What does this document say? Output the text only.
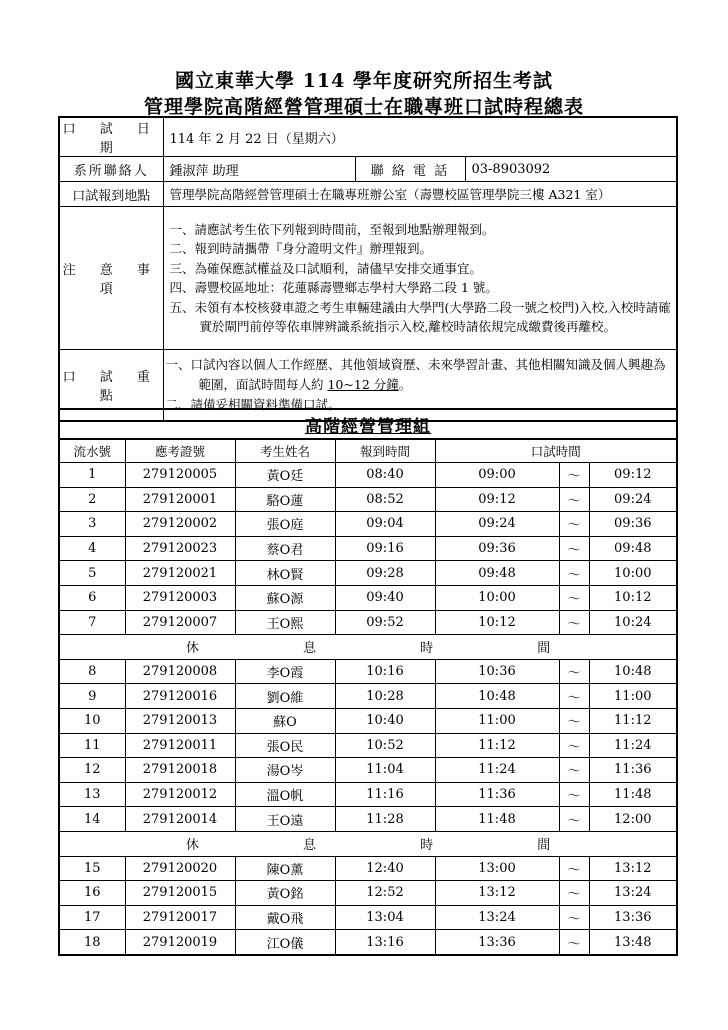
國立東華大學 114 學年度研究所招生考試
管理學院高階經營管理碩士在職專班口試時程總表
口 試 日 期	114 年 2 月 22 日（星期六）		
系所聯絡人	鍾淑萍 助理	聯 絡 電 話	03-8903092
口試報到地點	管理學院高階經營管理碩士在職專班辦公室（壽豐校區管理學院三樓 A321 室）		
注 意 事 項	一、請應試考生依下列報到時間前，至報到地點辦理報到。
二、報到時請攜帶『身分證明文件』辦理報到。
三、為確保應試權益及口試順利，請儘早安排交通事宜。
四、壽豐校區地址：花蓮縣壽豐鄉志學村大學路二段 1 號。
五、未領有本校核發車證之考生車輛建議由大學門(大學路二段一號之校門)入校,入校時請確實於閘門前停等依車牌辨識系統指示入校,離校時請依規完成繳費後再離校。		

口 試 重 點	一、口試內容以個人工作經歷、其他領域資歷、未來學習計畫、其他相關知識及個人興趣為範圍，面試時間每人約 10~12 分鐘。
二、請備妥相關資料準備口試。		
高階經營管理組						
流水號	應考證號	考生姓名	報到時間	口試時間		
1	279120005	黃O廷	08:40	09:00	～	09:12
2	279120001	駱O蓮	08:52	09:12	～	09:24
3	279120002	張O庭	09:04	09:24	～	09:36
4	279120023	蔡O君	09:16	09:36	～	09:48
5	279120021	林O賢	09:28	09:48	～	10:00
6	279120003	蘇O源	09:40	10:00	～	10:12
7	279120007	王O熙	09:52	10:12	～	10:24
休 息 時 間						
8	279120008	李O霞	10:16	10:36	～	10:48
9	279120016	劉O維	10:28	10:48	～	11:00
10	279120013	蘇O	10:40	11:00	～	11:12
11	279120011	張O民	10:52	11:12	～	11:24
12	279120018	湯O岑	11:04	11:24	～	11:36
13	279120012	溫O帆	11:16	11:36	～	11:48
14	279120014	王O遠	11:28	11:48	～	12:00
休 息 時 間						
15	279120020	陳O薰	12:40	13:00	～	13:12
16	279120015	黃O銘	12:52	13:12	～	13:24
17	279120017	戴O飛	13:04	13:24	～	13:36
18	279120019	江O儀	13:16	13:36	～	13:48
